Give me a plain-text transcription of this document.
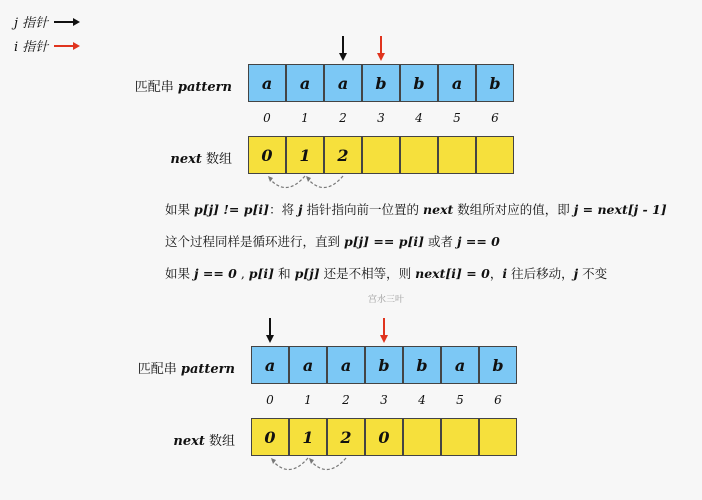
j 指针
i 指针
匹配串 pattern
next 数组
a	a	a	b	b	a	b
0	1	2	3	4	5	6
0	1	2
如果 p[j] != p[i]：将 j 指针指向前一位置的 next 数组所对应的值，即 j = next[j - 1]
这个过程同样是循环进行，直到 p[j] == p[i] 或者 j == 0
如果 j == 0 , p[i] 和 p[j] 还是不相等，则 next[i] = 0，i 往后移动，j 不变
宫水三叶
匹配串 pattern
next 数组
a	a	a	b	b	a	b
0	1	2	3	4	5	6
0	1	2	0
